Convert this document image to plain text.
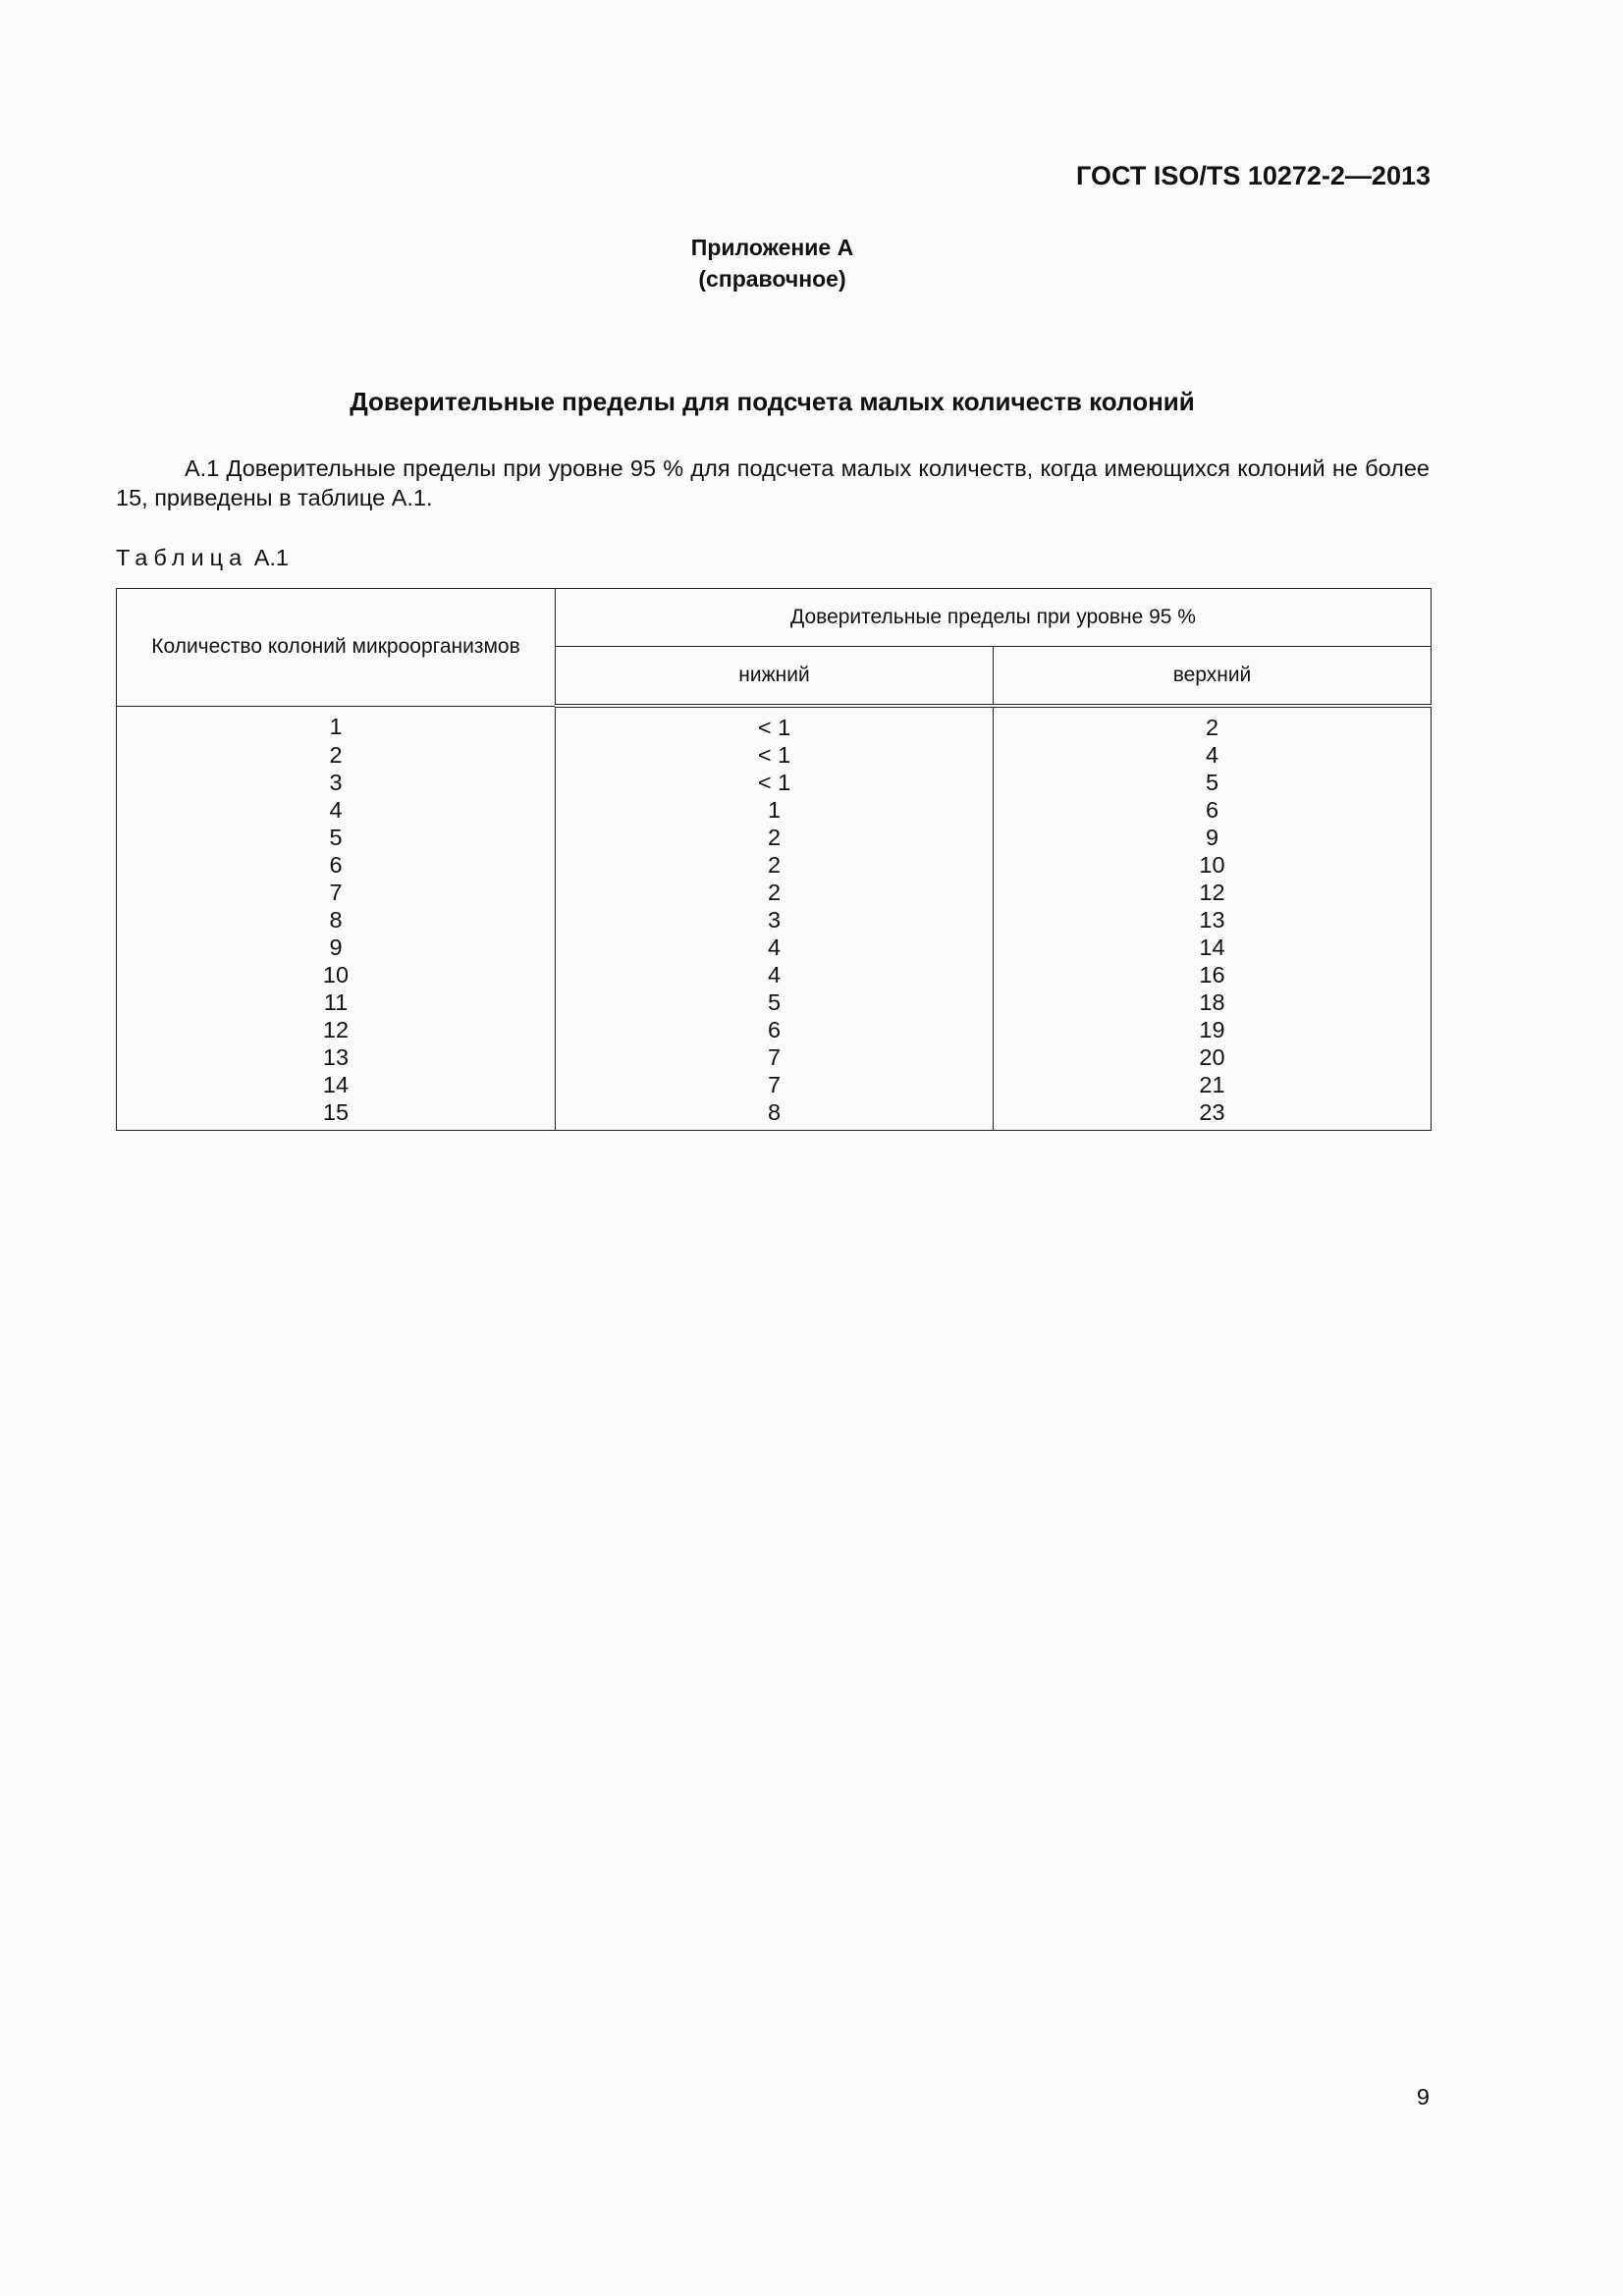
ГОСТ ISO/TS 10272-2—2013
Приложение А
(справочное)
Доверительные пределы для подсчета малых количеств колоний
А.1 Доверительные пределы при уровне 95 % для подсчета малых количеств, когда имеющихся колоний не более 15, приведены в таблице А.1.
Таблица А.1
Количество колоний микроорганизмов	Доверительные пределы при уровне 95 %	
	нижний	верхний
1	< 1	2
2	< 1	4
3	< 1	5
4	1	6
5	2	9
6	2	10
7	2	12
8	3	13
9	4	14
10	4	16
11	5	18
12	6	19
13	7	20
14	7	21
15	8	23
9
